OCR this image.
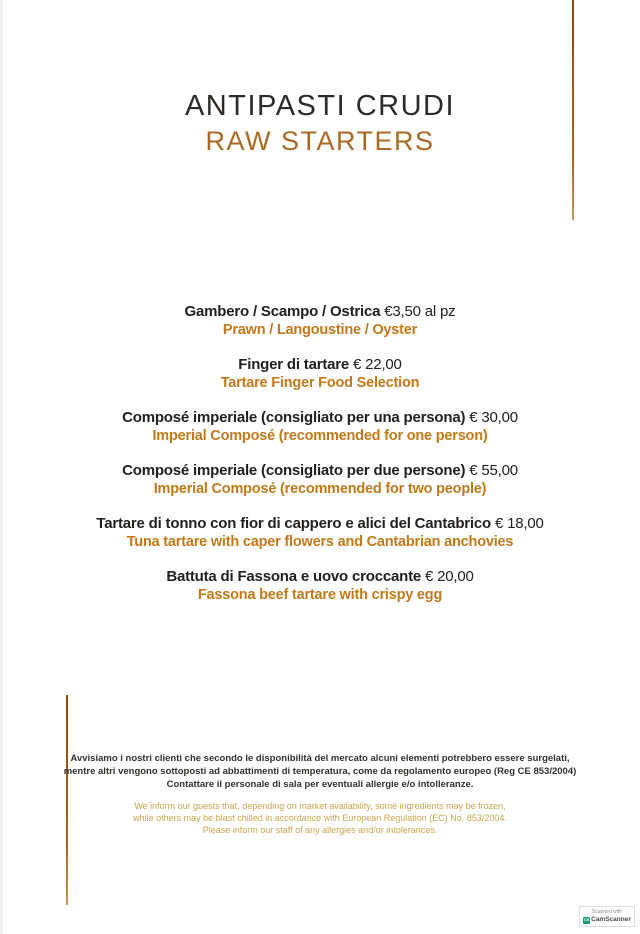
ANTIPASTI CRUDI
RAW STARTERS
Gambero / Scampo / Ostrica €3,50 al pz
Prawn / Langoustine / Oyster
Finger di tartare € 22,00
Tartare Finger Food Selection
Composé imperiale (consigliato per una persona) € 30,00
Imperial Composé (recommended for one person)
Composé imperiale (consigliato per due persone) € 55,00
Imperial Composé (recommended for two people)
Tartare di tonno con fior di cappero e alici del Cantabrico € 18,00
Tuna tartare with caper flowers and Cantabrian anchovies
Battuta di Fassona e uovo croccante € 20,00
Fassona beef tartare with crispy egg

Avvisiamo i nostri clienti che secondo le disponibilità del mercato alcuni elementi potrebbero essere surgelati,
mentre altri vengono sottoposti ad abbattimenti di temperatura, come da regolamento europeo (Reg CE 853/2004)
Contattare il personale di sala per eventuali allergie e/o intolleranze.

We inform our guests that, depending on market availability, some ingredients may be frozen,
while others may be blast chilled in accordance with European Regulation (EC) No. 853/2004.
Please inform our staff of any allergies and/or intolerances.

Scanned with
CS CamScanner
